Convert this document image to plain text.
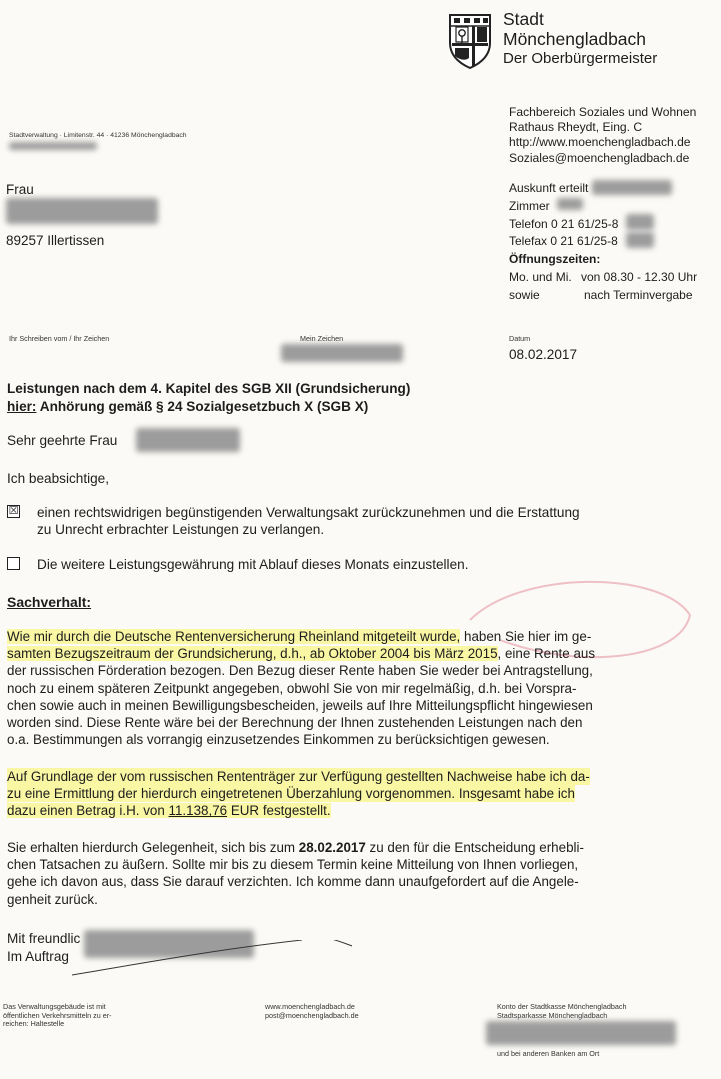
Stadt
Mönchengladbach
Der Oberbürgermeister
Fachbereich Soziales und Wohnen
Rathaus Rheydt, Eing. C
http://www.moenchengladbach.de
Soziales@moenchengladbach.de
Stadtverwaltung · Limitenstr. 44 · 41236 Mönchengladbach
Frau
89257 Illertissen
Auskunft erteilt
Zimmer
Telefon 0 21 61/25-8
Telefax 0 21 61/25-8
Öffnungszeiten:
Mo. und Mi. von 08.30 - 12.30 Uhr
sowie	nach Terminvergabe
Ihr Schreiben vom / Ihr Zeichen	Mein Zeichen	Datum
08.02.2017
Leistungen nach dem 4. Kapitel des SGB XII (Grundsicherung)
hier: Anhörung gemäß § 24 Sozialgesetzbuch X (SGB X)
Sehr geehrte Frau
Ich beabsichtige,
☒ einen rechtswidrigen begünstigenden Verwaltungsakt zurückzunehmen und die Erstattung
zu Unrecht erbrachter Leistungen zu verlangen.
Die weitere Leistungsgewährung mit Ablauf dieses Monats einzustellen.
Sachverhalt:
Wie mir durch die Deutsche Rentenversicherung Rheinland mitgeteilt wurde, haben Sie hier im ge-
samten Bezugszeitraum der Grundsicherung, d.h., ab Oktober 2004 bis März 2015, eine Rente aus
der russischen Förderation bezogen. Den Bezug dieser Rente haben Sie weder bei Antragstellung,
noch zu einem späteren Zeitpunkt angegeben, obwohl Sie von mir regelmäßig, d.h. bei Vorspra-
chen sowie auch in meinen Bewilligungsbescheiden, jeweils auf Ihre Mitteilungspflicht hingewiesen
worden sind. Diese Rente wäre bei der Berechnung der Ihnen zustehenden Leistungen nach den
o.a. Bestimmungen als vorrangig einzusetzendes Einkommen zu berücksichtigen gewesen.
Auf Grundlage der vom russischen Rententräger zur Verfügung gestellten Nachweise habe ich da- zu eine Ermittlung der hierdurch eingetretenen Überzahlung vorgenommen. Insgesamt habe ich
dazu einen Betrag i.H. von 11.138,76 EUR festgestellt.
Sie erhalten hierdurch Gelegenheit, sich bis zum 28.02.2017 zu den für die Entscheidung erhebli-
chen Tatsachen zu äußern. Sollte mir bis zu diesem Termin keine Mitteilung von Ihnen vorliegen,
gehe ich davon aus, dass Sie darauf verzichten. Ich komme dann unaufgefordert auf die Angele-
genheit zurück.
Mit freundlic
Im Auftrag
Das Verwaltungsgebäude ist mit
öffentlichen Verkehrsmitteln zu er-
reichen: Haltestelle
www.moenchengladbach.de
post@moenchengladbach.de
Konto der Stadtkasse Mönchengladbach
Stadtsparkasse Mönchengladbach
und bei anderen Banken am Ort
